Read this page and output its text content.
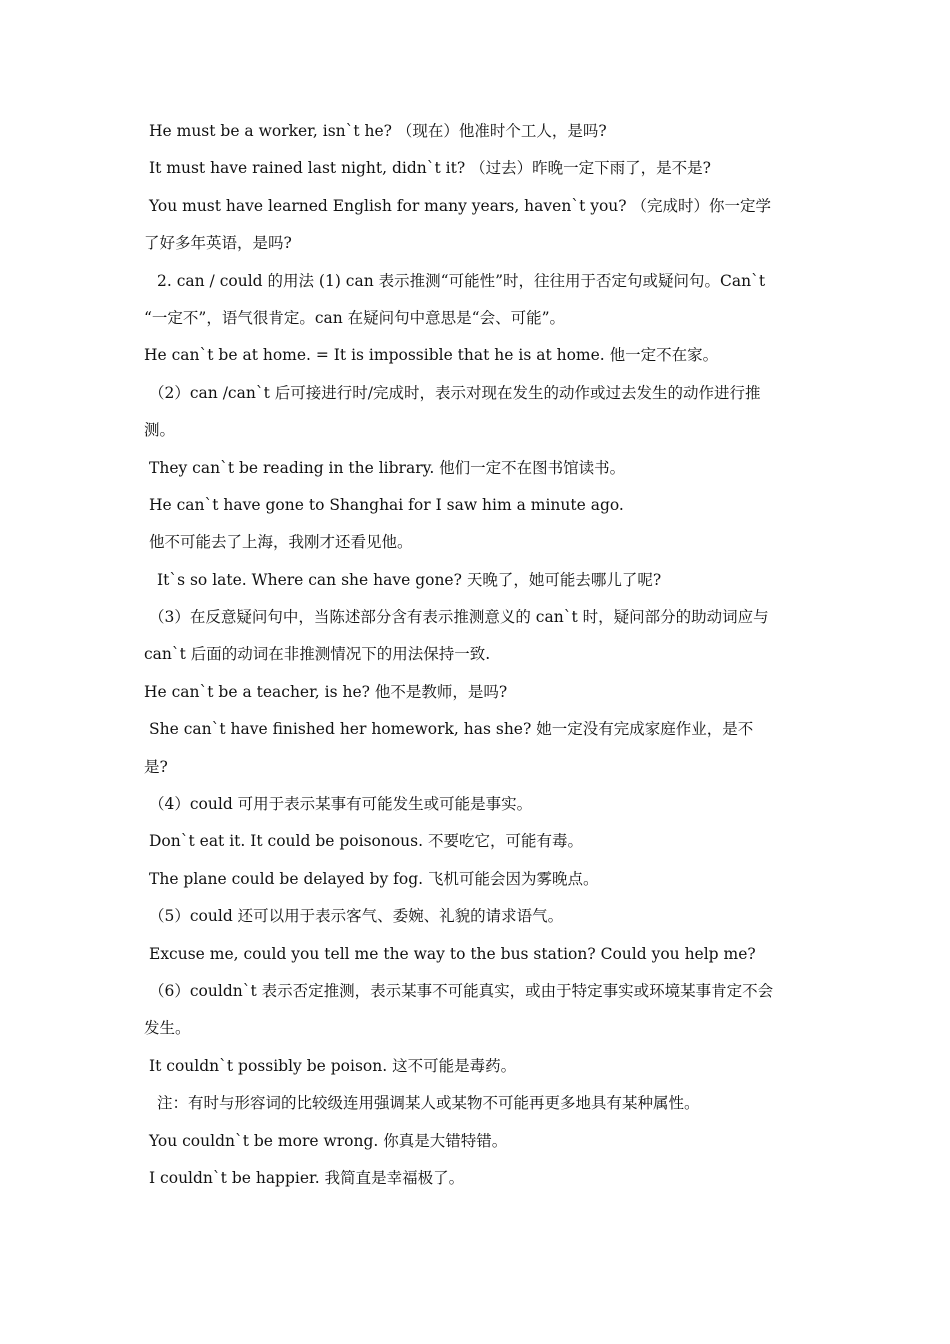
He must be a worker, isn`t he? （现在）他准时个工人，是吗?
It must have rained last night, didn`t it? （过去）昨晚一定下雨了，是不是?
You must have learned English for many years, haven`t you? （完成时）你一定学
了好多年英语，是吗?
2. can / could 的用法 (1) can 表示推测“可能性”时，往往用于否定句或疑问句。Can`t
“一定不”，语气很肯定。can 在疑问句中意思是“会、可能”。
He can`t be at home. = It is impossible that he is at home. 他一定不在家。
（2）can /can`t 后可接进行时/完成时，表示对现在发生的动作或过去发生的动作进行推
测。
They can`t be reading in the library. 他们一定不在图书馆读书。
He can`t have gone to Shanghai for I saw him a minute ago.
他不可能去了上海，我刚才还看见他。
It`s so late. Where can she have gone? 天晚了，她可能去哪儿了呢?
（3）在反意疑问句中，当陈述部分含有表示推测意义的 can`t 时，疑问部分的助动词应与
can`t 后面的动词在非推测情况下的用法保持一致.
He can`t be a teacher, is he? 他不是教师，是吗?
She can`t have finished her homework, has she? 她一定没有完成家庭作业，是不
是?
（4）could 可用于表示某事有可能发生或可能是事实。
Don`t eat it. It could be poisonous. 不要吃它，可能有毒。
The plane could be delayed by fog. 飞机可能会因为雾晚点。
（5）could 还可以用于表示客气、委婉、礼貌的请求语气。
Excuse me, could you tell me the way to the bus station? Could you help me?
（6）couldn`t 表示否定推测，表示某事不可能真实，或由于特定事实或环境某事肯定不会
发生。
It couldn`t possibly be poison. 这不可能是毒药。
注：有时与形容词的比较级连用强调某人或某物不可能再更多地具有某种属性。
You couldn`t be more wrong. 你真是大错特错。
I couldn`t be happier. 我简直是幸福极了。
